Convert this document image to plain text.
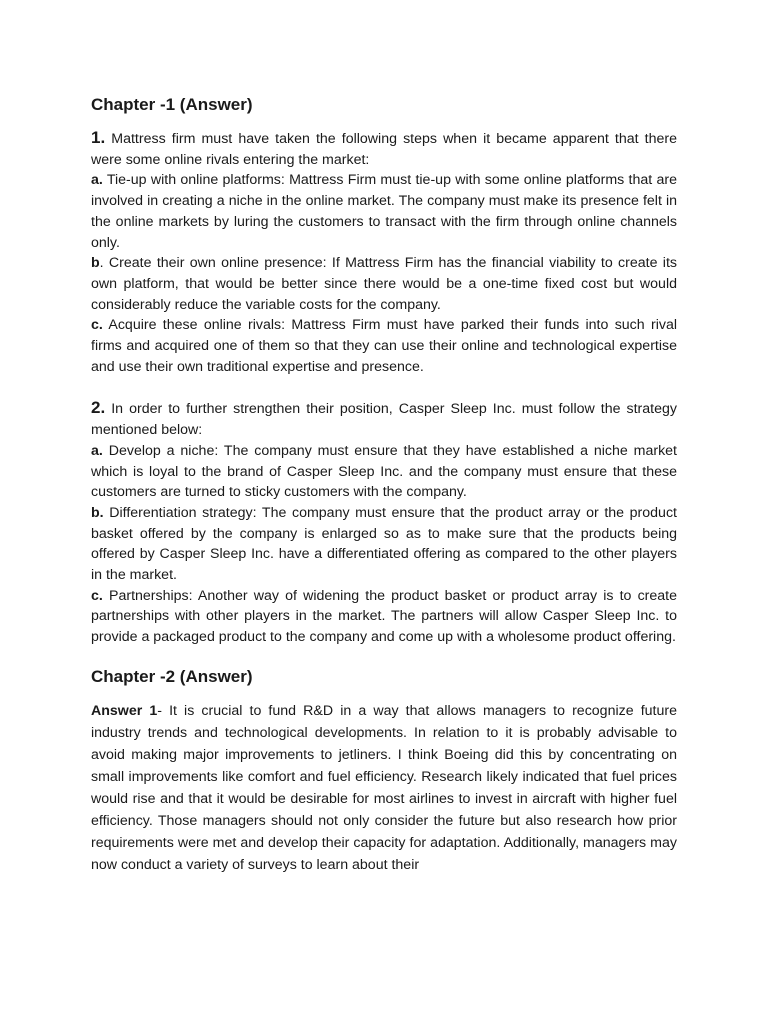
Chapter -1 (Answer)

1. Mattress firm must have taken the following steps when it became apparent that there were some online rivals entering the market:

a. Tie-up with online platforms: Mattress Firm must tie-up with some online platforms that are involved in creating a niche in the online market. The company must make its presence felt in the online markets by luring the customers to transact with the firm through online channels only.

b. Create their own online presence: If Mattress Firm has the financial viability to create its own platform, that would be better since there would be a one-time fixed cost but would considerably reduce the variable costs for the company.

c. Acquire these online rivals: Mattress Firm must have parked their funds into such rival firms and acquired one of them so that they can use their online and technological expertise and use their own traditional expertise and presence.

2. In order to further strengthen their position, Casper Sleep Inc. must follow the strategy mentioned below:

a. Develop a niche: The company must ensure that they have established a niche market which is loyal to the brand of Casper Sleep Inc. and the company must ensure that these customers are turned to sticky customers with the company.

b. Differentiation strategy: The company must ensure that the product array or the product basket offered by the company is enlarged so as to make sure that the products being offered by Casper Sleep Inc. have a differentiated offering as compared to the other players in the market.

c. Partnerships: Another way of widening the product basket or product array is to create partnerships with other players in the market. The partners will allow Casper Sleep Inc. to provide a packaged product to the company and come up with a wholesome product offering.

Chapter -2 (Answer)

Answer 1- It is crucial to fund R&D in a way that allows managers to recognize future industry trends and technological developments. In relation to it is probably advisable to avoid making major improvements to jetliners. I think Boeing did this by concentrating on small improvements like comfort and fuel efficiency. Research likely indicated that fuel prices would rise and that it would be desirable for most airlines to invest in aircraft with higher fuel efficiency. Those managers should not only consider the future but also research how prior requirements were met and develop their capacity for adaptation. Additionally, managers may now conduct a variety of surveys to learn about their
